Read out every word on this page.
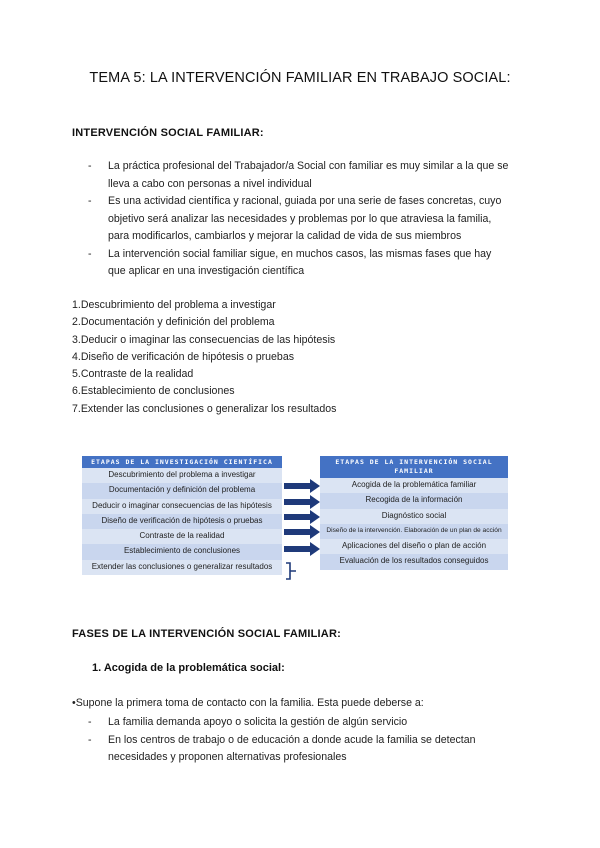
TEMA 5: LA INTERVENCIÓN FAMILIAR EN TRABAJO SOCIAL:
INTERVENCIÓN SOCIAL FAMILIAR:
- La práctica profesional del Trabajador/a Social con familiar es muy similar a la que se
lleva a cabo con personas a nivel individual
- Es una actividad científica y racional, guiada por una serie de fases concretas, cuyo
objetivo será analizar las necesidades y problemas por lo que atraviesa la familia,
para modificarlos, cambiarlos y mejorar la calidad de vida de sus miembros
- La intervención social familiar sigue, en muchos casos, las mismas fases que hay
que aplicar en una investigación científica
1.Descubrimiento del problema a investigar
2.Documentación y definición del problema
3.Deducir o imaginar las consecuencias de las hipótesis
4.Diseño de verificación de hipótesis o pruebas
5.Contraste de la realidad
6.Establecimiento de conclusiones
7.Extender las conclusiones o generalizar los resultados
ETAPAS DE LA INVESTIGACIÓN CIENTÍFICA
Descubrimiento del problema a investigar
Documentación y definición del problema
Deducir o imaginar consecuencias de las hipótesis
Diseño de verificación de hipótesis o pruebas
Contraste de la realidad
Establecimiento de conclusiones
Extender las conclusiones o generalizar resultados
ETAPAS DE LA INTERVENCIÓN SOCIAL FAMILIAR
Acogida de la problemática familiar
Recogida de la información
Diagnóstico social
Diseño de la intervención. Elaboración de un plan de acción
Aplicaciones del diseño o plan de acción
Evaluación de los resultados conseguidos
FASES DE LA INTERVENCIÓN SOCIAL FAMILIAR:
1. Acogida de la problemática social:
•Supone la primera toma de contacto con la familia. Esta puede deberse a:
- La familia demanda apoyo o solicita la gestión de algún servicio
- En los centros de trabajo o de educación a donde acude la familia se detectan
necesidades y proponen alternativas profesionales
